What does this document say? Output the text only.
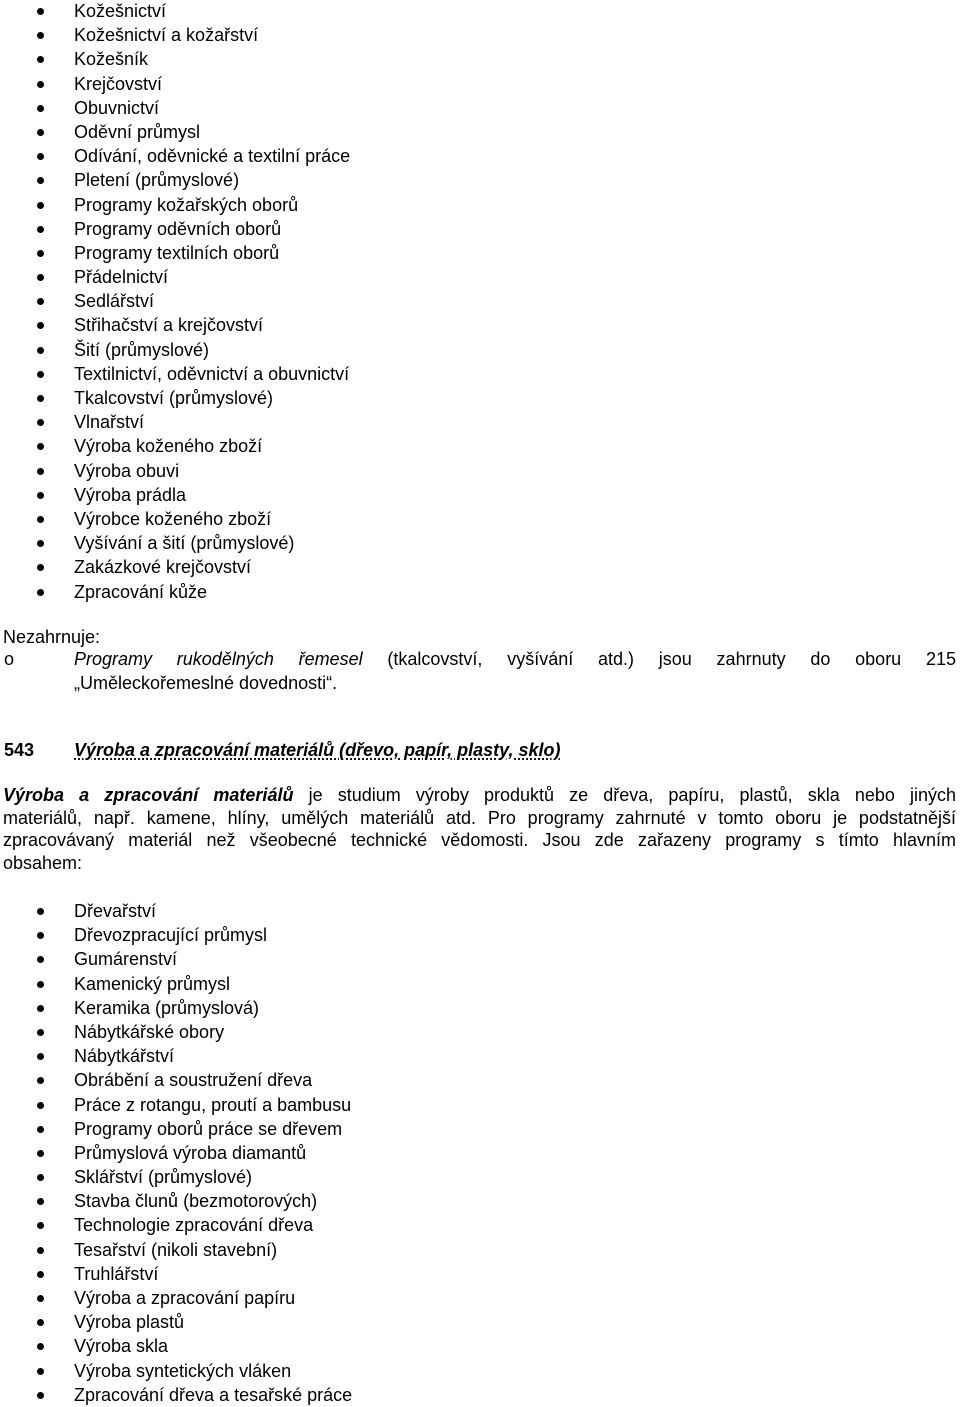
Kožešnictví
Kožešnictví a kožařství
Kožešník
Krejčovství
Obuvnictví
Oděvní průmysl
Odívání, oděvnické a textilní práce
Pletení (průmyslové)
Programy kožařských oborů
Programy oděvních oborů
Programy textilních oborů
Přádelnictví
Sedlářství
Střihačství a krejčovství
Šití (průmyslové)
Textilnictví, oděvnictví a obuvnictví
Tkalcovství (průmyslové)
Vlnařství
Výroba koženého zboží
Výroba obuvi
Výroba prádla
Výrobce koženého zboží
Vyšívání a šití (průmyslové)
Zakázkové krejčovství
Zpracování kůže
Nezahrnuje:
o	Programy rukodělných řemesel (tkalcovství, vyšívání atd.) jsou zahrnuty do oboru 215
„Uměleckořemeslné dovednosti“.
543 Výroba a zpracování materiálů (dřevo, papír, plasty, sklo)
Výroba a zpracování materiálů je studium výroby produktů ze dřeva, papíru, plastů, skla nebo jiných
materiálů, např. kamene, hlíny, umělých materiálů atd. Pro programy zahrnuté v tomto oboru je podstatnější
zpracovávaný materiál než všeobecné technické vědomosti. Jsou zde zařazeny programy s tímto hlavním
obsahem:
Dřevařství
Dřevozpracující průmysl
Gumárenství
Kamenický průmysl
Keramika (průmyslová)
Nábytkářské obory
Nábytkářství
Obrábění a soustružení dřeva
Práce z rotangu, proutí a bambusu
Programy oborů práce se dřevem
Průmyslová výroba diamantů
Sklářství (průmyslové)
Stavba člunů (bezmotorových)
Technologie zpracování dřeva
Tesařství (nikoli stavební)
Truhlářství
Výroba a zpracování papíru
Výroba plastů
Výroba skla
Výroba syntetických vláken
Zpracování dřeva a tesařské práce
